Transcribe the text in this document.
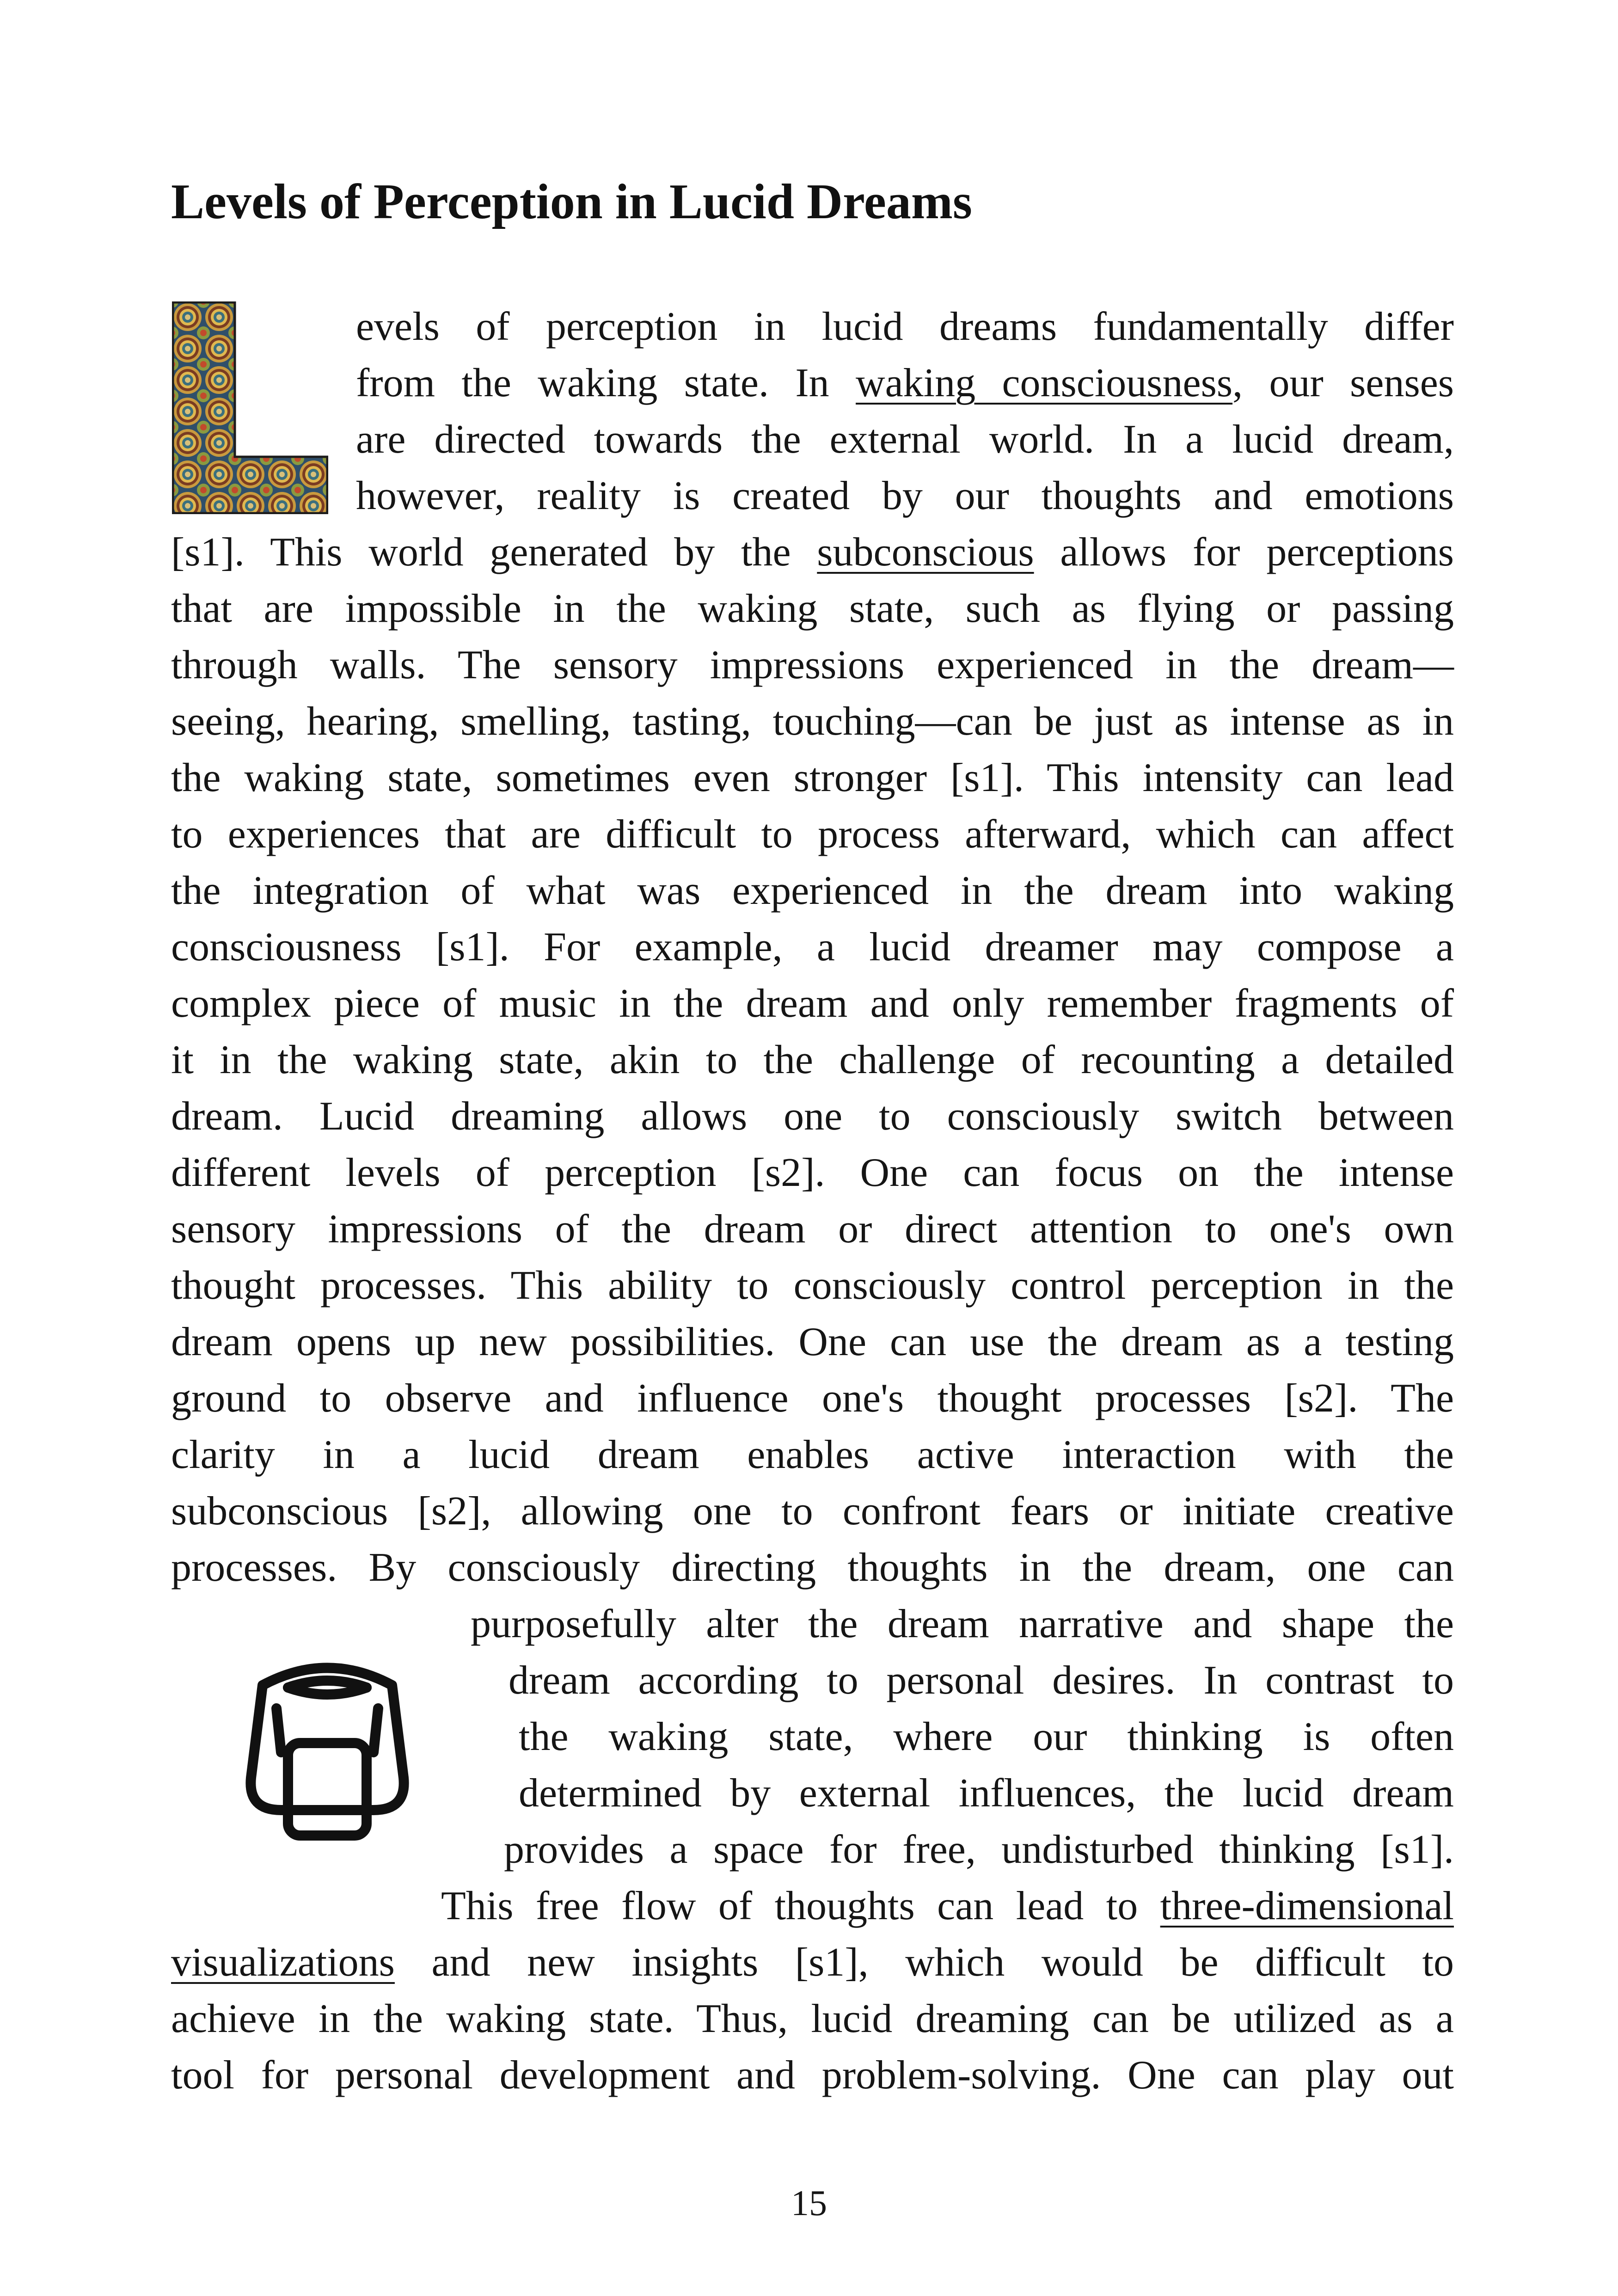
Levels of Perception in Lucid Dreams
evels of perception in lucid dreams fundamentally differ
from the waking state. In waking consciousness, our senses
are directed towards the external world. In a lucid dream,
however, reality is created by our thoughts and emotions
[s1]. This world generated by the subconscious allows for perceptions
that are impossible in the waking state, such as flying or passing
through walls. The sensory impressions experienced in the dream—
seeing, hearing, smelling, tasting, touching—can be just as intense as in
the waking state, sometimes even stronger [s1]. This intensity can lead
to experiences that are difficult to process afterward, which can affect
the integration of what was experienced in the dream into waking
consciousness [s1]. For example, a lucid dreamer may compose a
complex piece of music in the dream and only remember fragments of
it in the waking state, akin to the challenge of recounting a detailed
dream. Lucid dreaming allows one to consciously switch between
different levels of perception [s2]. One can focus on the intense
sensory impressions of the dream or direct attention to one's own
thought processes. This ability to consciously control perception in the
dream opens up new possibilities. One can use the dream as a testing
ground to observe and influence one's thought processes [s2]. The
clarity in a lucid dream enables active interaction with the
subconscious [s2], allowing one to confront fears or initiate creative
processes. By consciously directing thoughts in the dream, one can
purposefully alter the dream narrative and shape the
dream according to personal desires. In contrast to
the waking state, where our thinking is often
determined by external influences, the lucid dream
provides a space for free, undisturbed thinking [s1].
This free flow of thoughts can lead to three-dimensional
visualizations and new insights [s1], which would be difficult to
achieve in the waking state. Thus, lucid dreaming can be utilized as a
tool for personal development and problem-solving. One can play out
15
